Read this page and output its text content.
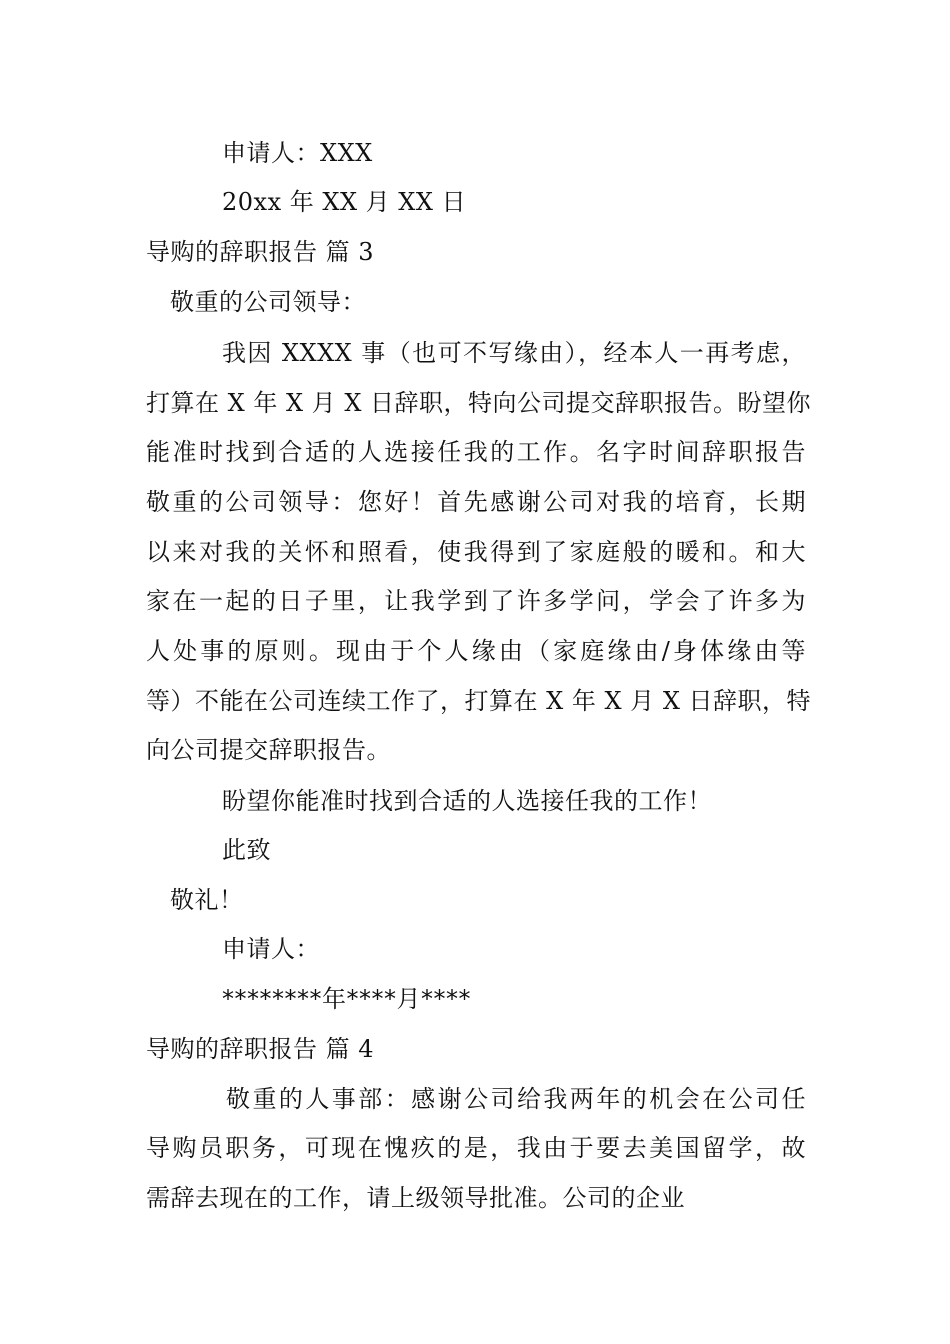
申请人：XXX
20xx 年 XX 月 XX 日
导购的辞职报告 篇 3
敬重的公司领导：
我因 XXXX 事（也可不写缘由），经本人一再考虑，
打算在 X 年 X 月 X 日辞职，特向公司提交辞职报告。盼望你
能准时找到合适的人选接任我的工作。名字时间辞职报告
敬重的公司领导：您好！首先感谢公司对我的培育，长期
以来对我的关怀和照看，使我得到了家庭般的暖和。和大
家在一起的日子里，让我学到了许多学问，学会了许多为
人处事的原则。现由于个人缘由（家庭缘由/身体缘由等
等）不能在公司连续工作了，打算在 X 年 X 月 X 日辞职，特
向公司提交辞职报告。
盼望你能准时找到合适的人选接任我的工作！
此致
敬礼！
申请人：
********年****月****
导购的辞职报告 篇 4
敬重的人事部：感谢公司给我两年的机会在公司任
导购员职务，可现在愧疚的是，我由于要去美国留学，故
需辞去现在的工作，请上级领导批准。公司的企业
